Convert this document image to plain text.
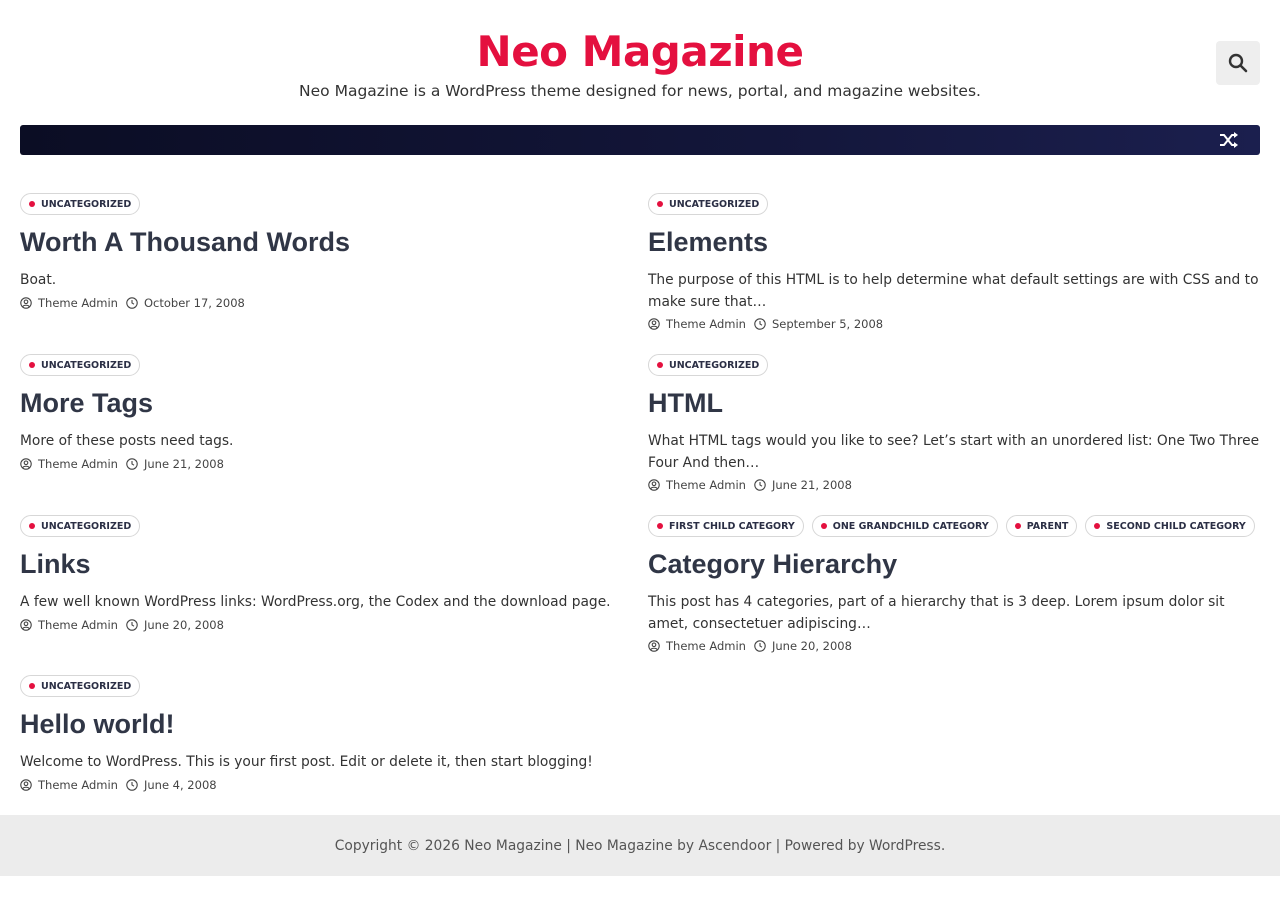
Neo Magazine
Neo Magazine is a WordPress theme designed for news, portal, and magazine websites.
UNCATEGORIZED
Worth A Thousand Words

Boat.

Theme Admin October 17, 2008
UNCATEGORIZED
Elements

The purpose of this HTML is to help determine what default settings are with CSS and to make sure that…

Theme Admin September 5, 2008
UNCATEGORIZED
More Tags

More of these posts need tags.

Theme Admin June 21, 2008
UNCATEGORIZED
HTML

What HTML tags would you like to see? Let’s start with an unordered list: One Two Three Four And then…

Theme Admin June 21, 2008
UNCATEGORIZED
Links

A few well known WordPress links: WordPress.org, the Codex and the download page.

Theme Admin June 20, 2008
FIRST CHILD CATEGORY	ONE GRANDCHILD CATEGORY	PARENT	SECOND CHILD CATEGORY
Category Hierarchy

This post has 4 categories, part of a hierarchy that is 3 deep. Lorem ipsum dolor sit amet, consectetuer adipiscing…

Theme Admin June 20, 2008
UNCATEGORIZED
Hello world!

Welcome to WordPress. This is your first post. Edit or delete it, then start blogging!

Theme Admin June 4, 2008
Copyright © 2026
Neo Magazine
|
Neo Magazine
by
Ascendoor
| Powered by
WordPress .
